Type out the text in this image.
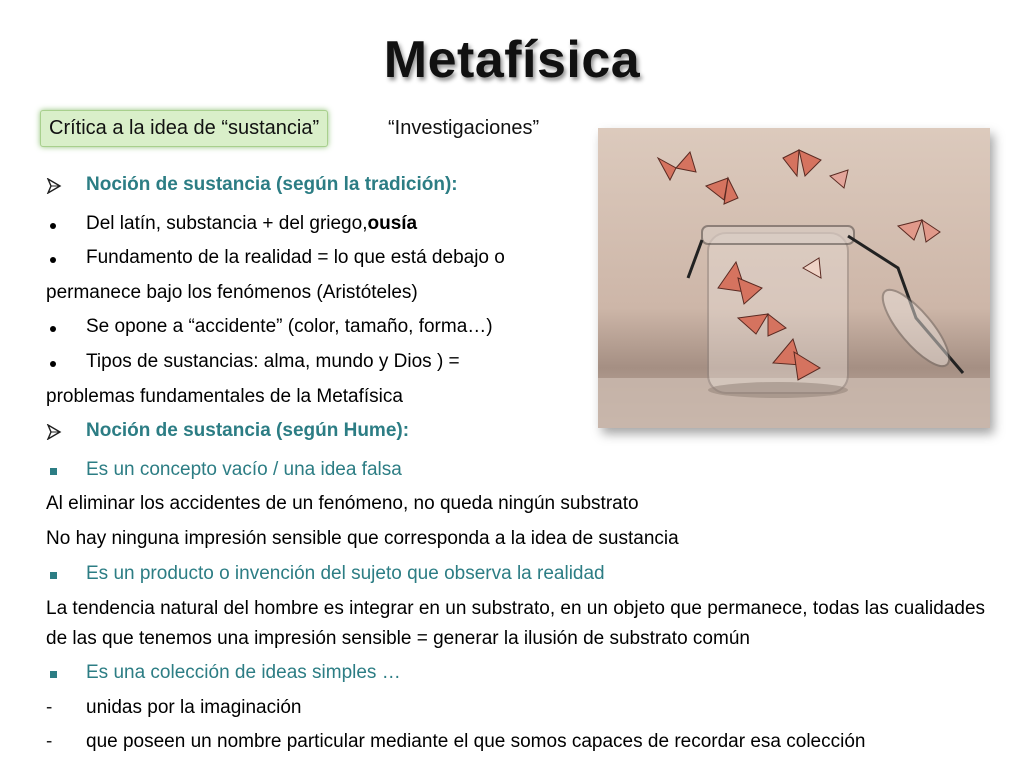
Metafísica
Crítica a la idea de “sustancia”	“Investigaciones”
Noción de sustancia (según la tradición):
Del latín, substancia + del griego, ousía
Fundamento de la realidad = lo que está debajo o
permanece bajo los fenómenos (Aristóteles)
Se opone a “accidente” (color, tamaño, forma…)
Tipos de sustancias: alma, mundo y Dios ) =
problemas fundamentales de la Metafísica
Noción de sustancia (según Hume):
Es un concepto vacío / una idea falsa
Al eliminar los accidentes de un fenómeno, no queda ningún substrato
No hay ninguna impresión sensible que corresponda a la idea de sustancia
Es un producto o invención del sujeto que observa la realidad
La tendencia natural del hombre es integrar en un substrato, en un objeto que permanece, todas las cualidades de las que tenemos una impresión sensible = generar la ilusión de substrato común
Es una colección de ideas simples …
-	unidas por la imaginación
-	que poseen un nombre particular mediante el que somos capaces de recordar esa colección
